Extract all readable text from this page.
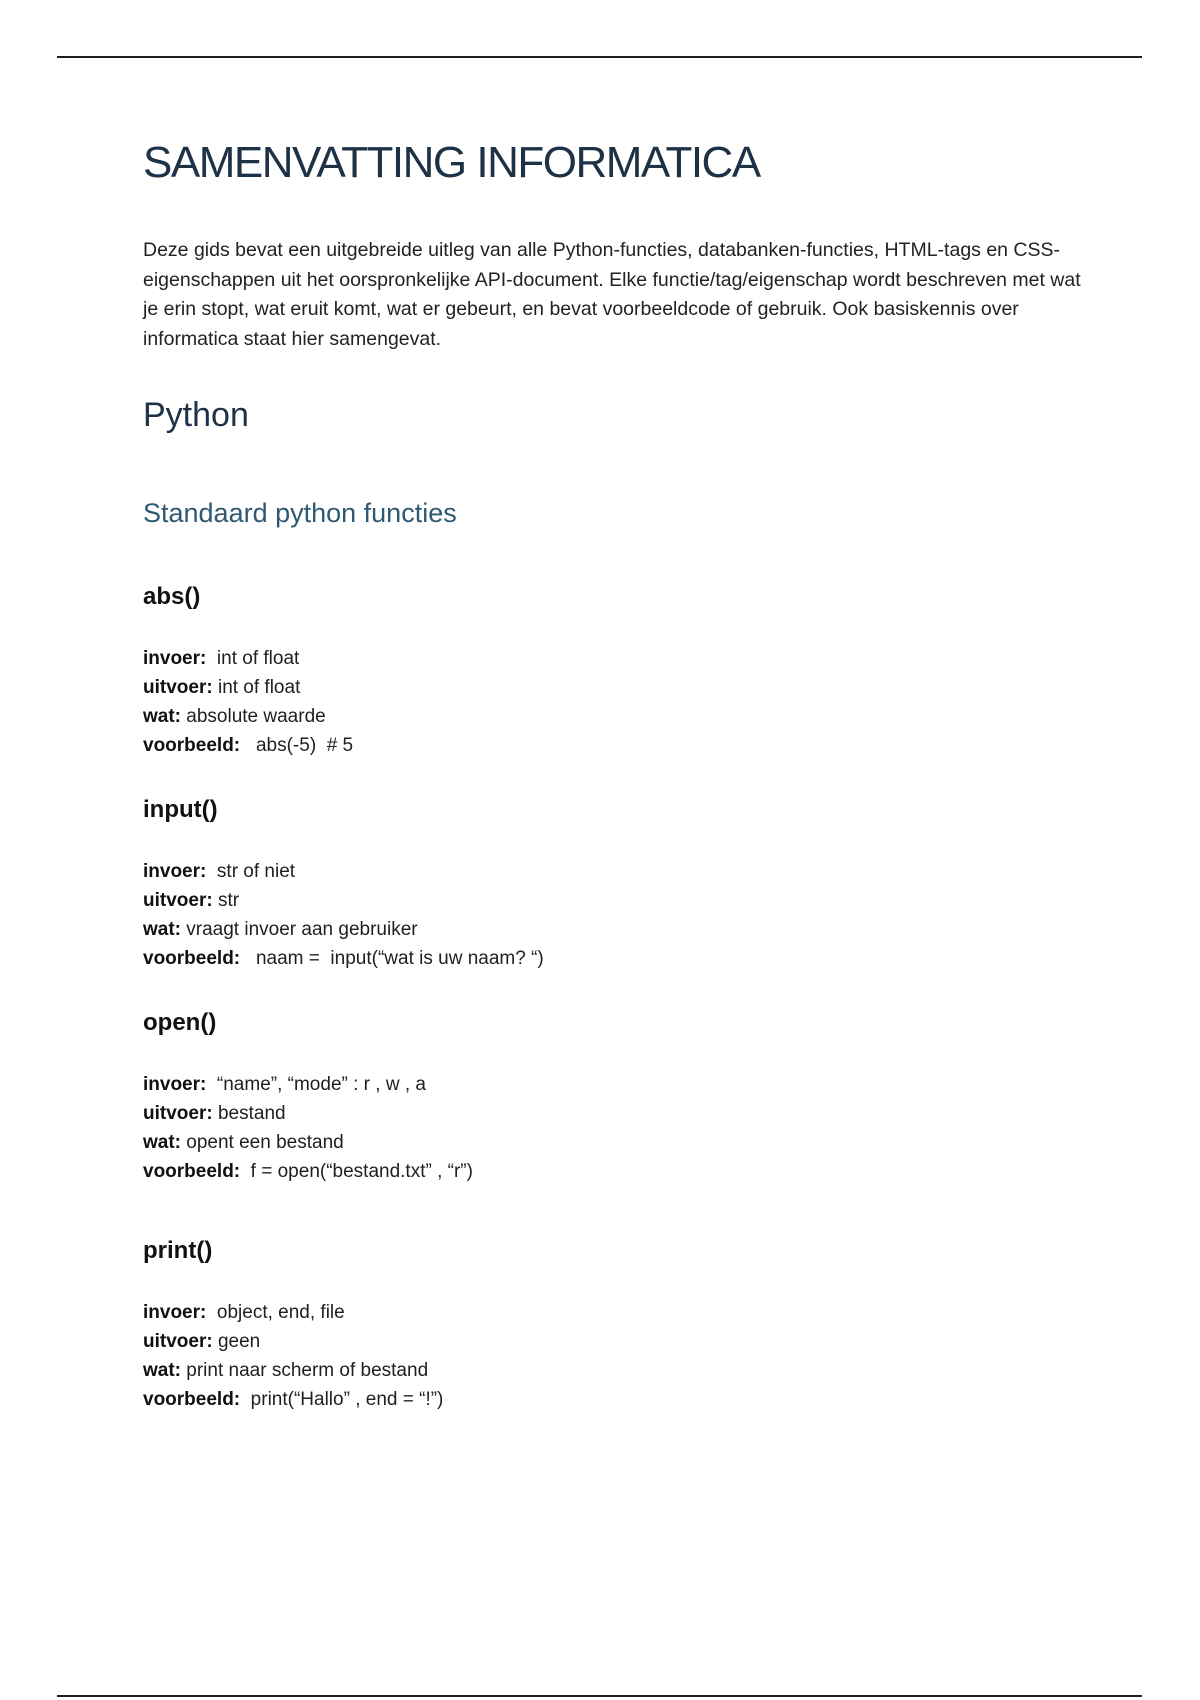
SAMENVATTING INFORMATICA

Deze gids bevat een uitgebreide uitleg van alle Python-functies, databanken-functies, HTML-tags en CSS-eigenschappen uit het oorspronkelijke API-document. Elke functie/tag/eigenschap wordt beschreven met wat je erin stopt, wat eruit komt, wat er gebeurt, en bevat voorbeeldcode of gebruik. Ook basiskennis over informatica staat hier samengevat.

Python
Standaard python functies
abs()
invoer:  int of float
uitvoer: int of float
wat: absolute waarde
voorbeeld:   abs(-5)  # 5
input()
invoer:  str of niet
uitvoer: str
wat: vraagt invoer aan gebruiker
voorbeeld:   naam =  input(“wat is uw naam? “)
open()
invoer:  “name”, “mode” : r , w , a
uitvoer: bestand
wat: opent een bestand
voorbeeld:  f = open(“bestand.txt” , “r”)
print()
invoer:  object, end, file
uitvoer: geen
wat: print naar scherm of bestand
voorbeeld:  print(“Hallo” , end = “!”)
